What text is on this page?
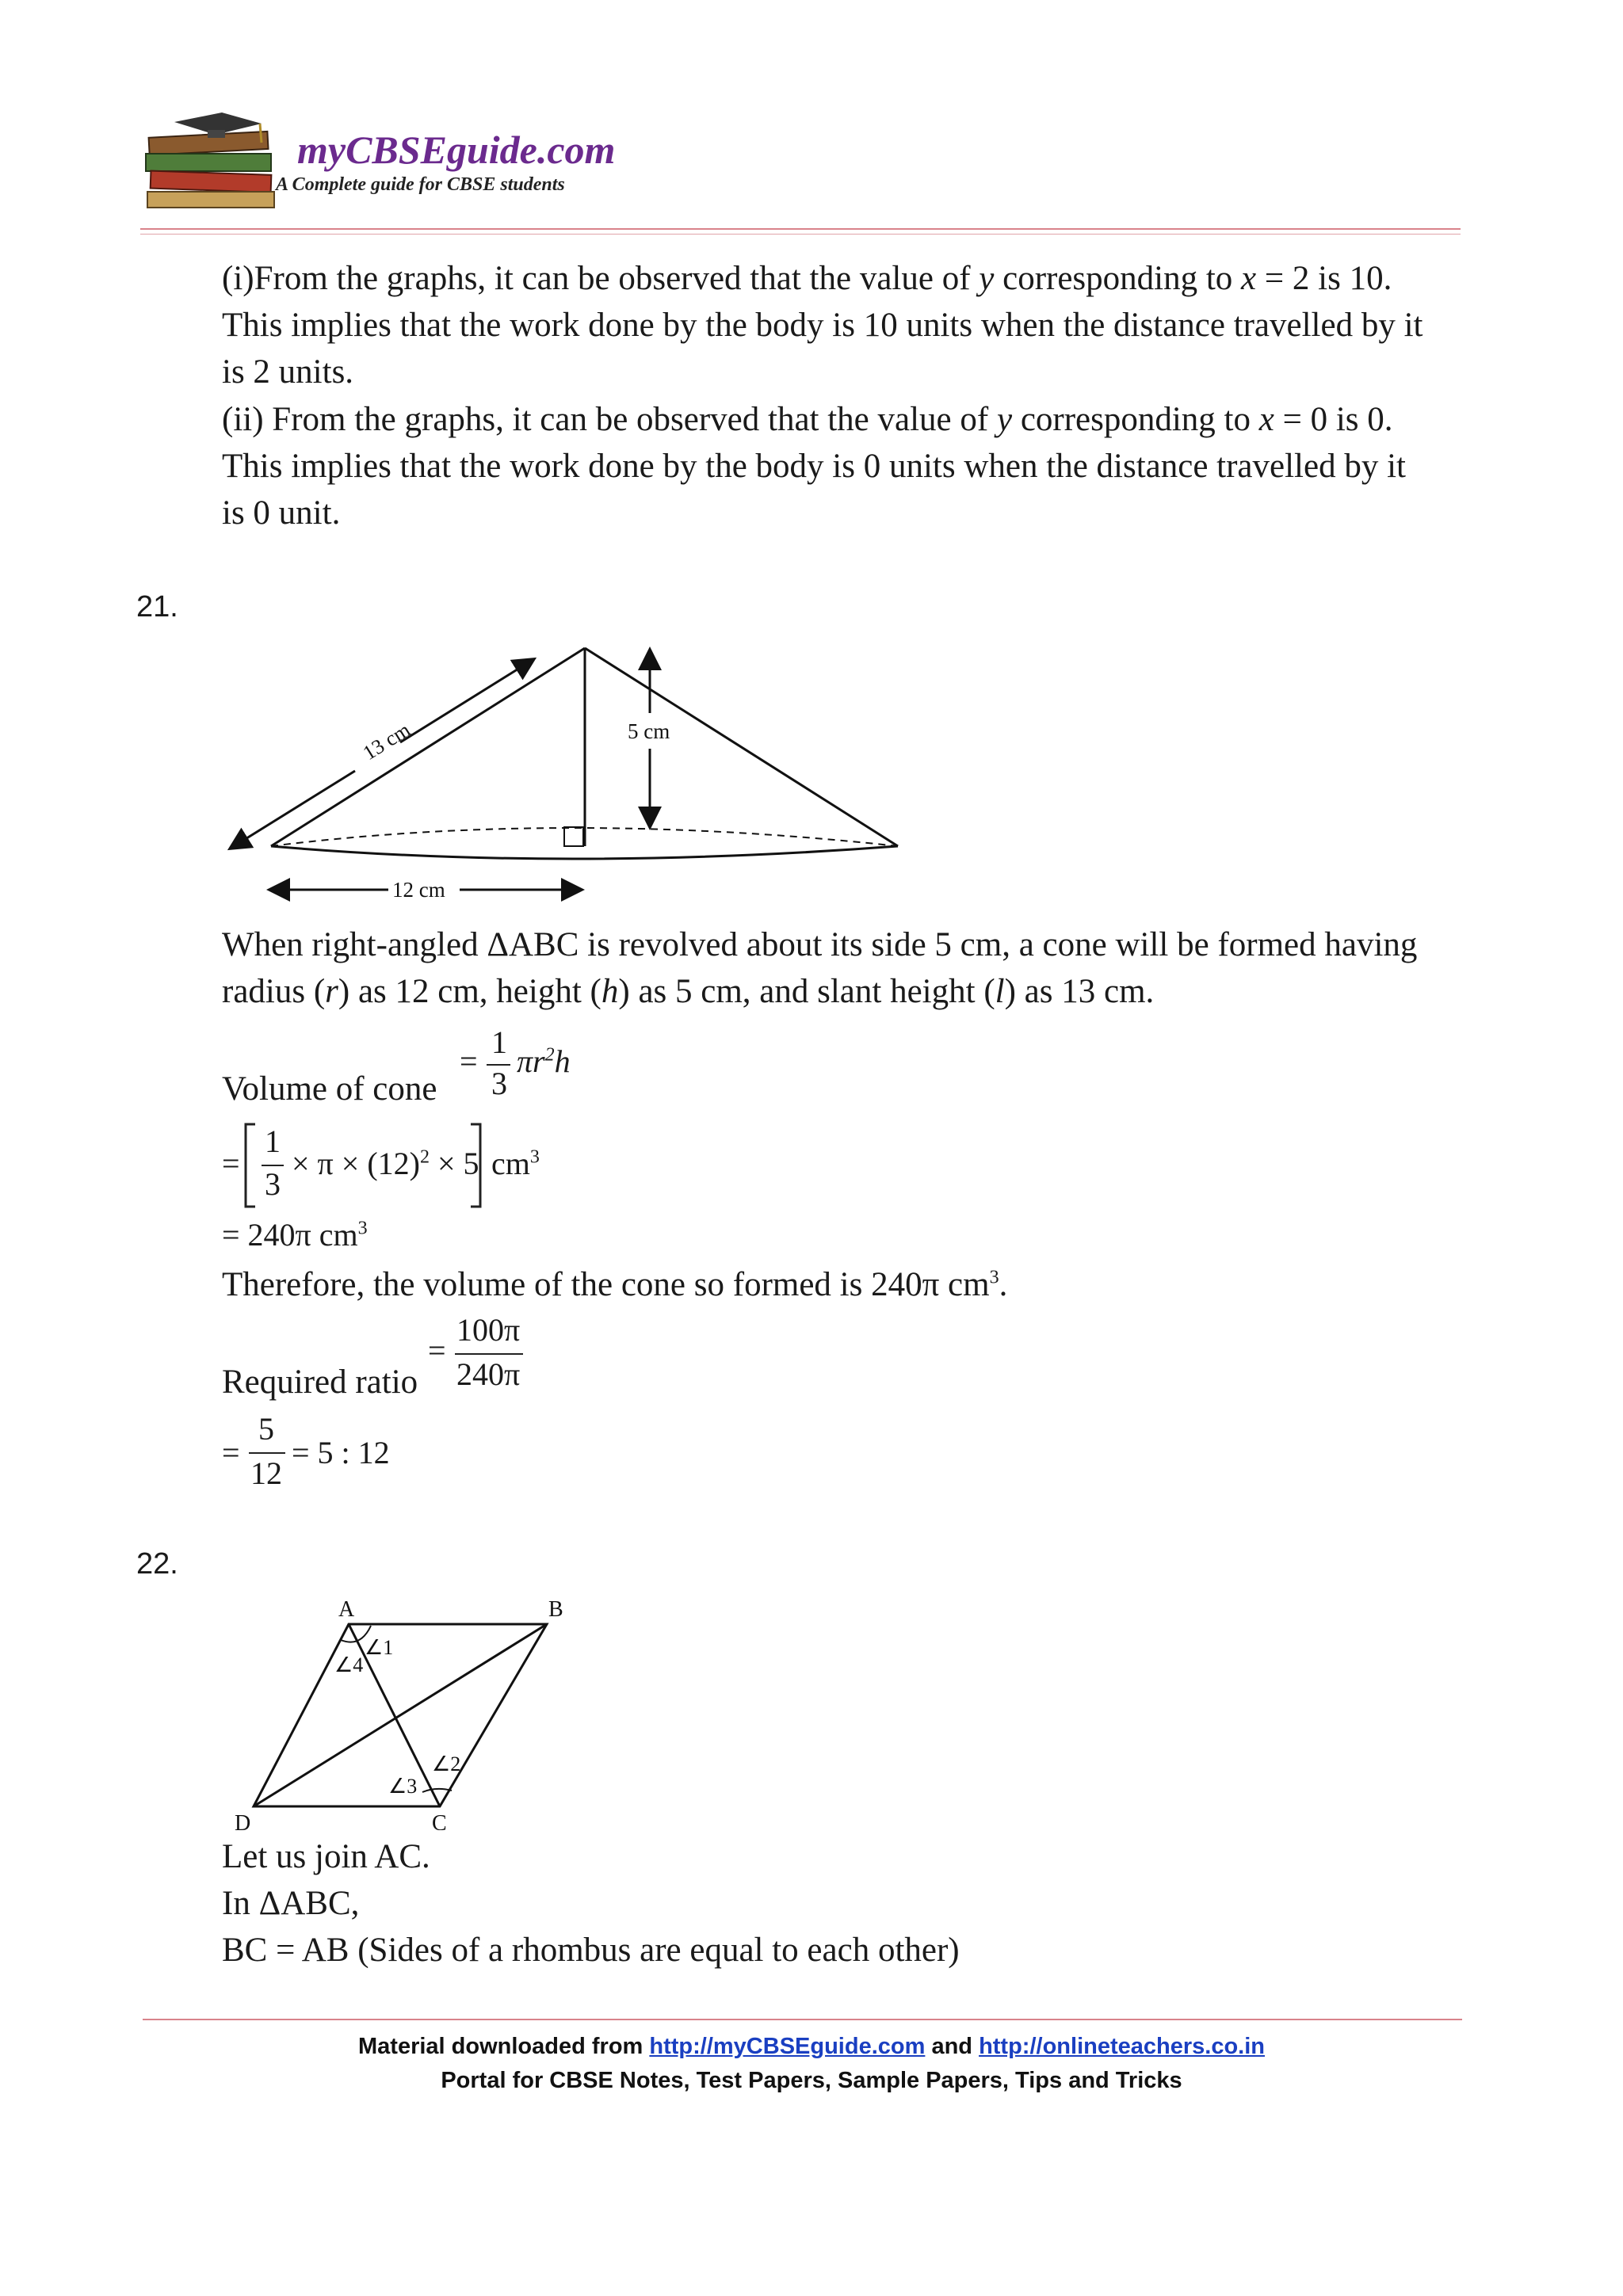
myCBSEguide.com
A Complete guide for CBSE students
(i)From the graphs, it can be observed that the value of y corresponding to x = 2 is 10.
This implies that the work done by the body is 10 units when the distance travelled by it
is 2 units.
(ii) From the graphs, it can be observed that the value of y corresponding to x = 0 is 0.
This implies that the work done by the body is 0 units when the distance travelled by it
is 0 unit.
21.
13 cm	5 cm
12 cm
When right-angled ΔABC is revolved about its side 5 cm, a cone will be formed having
radius (r) as 12 cm, height (h) as 5 cm, and slant height (l) as 13 cm.
Volume of cone
=
1
3
$\pi r^2h$
=
1
3
× $\pi \times (12)^2 \times 5$ $cm^3$
= 240π $cm^3$
Therefore, the volume of the cone so formed is 240π $cm^3$.
Required ratio
=
100π
240π
=
5
12
= 5 : 12
22.
A	B
C
D
∠1
∠4
∠2
∠3
Let us join AC.
In ΔABC,
BC = AB (Sides of a rhombus are equal to each other)
Material downloaded from http://myCBSEguide.com and http://onlineteachers.co.in
Portal for CBSE Notes, Test Papers, Sample Papers, Tips and Tricks
